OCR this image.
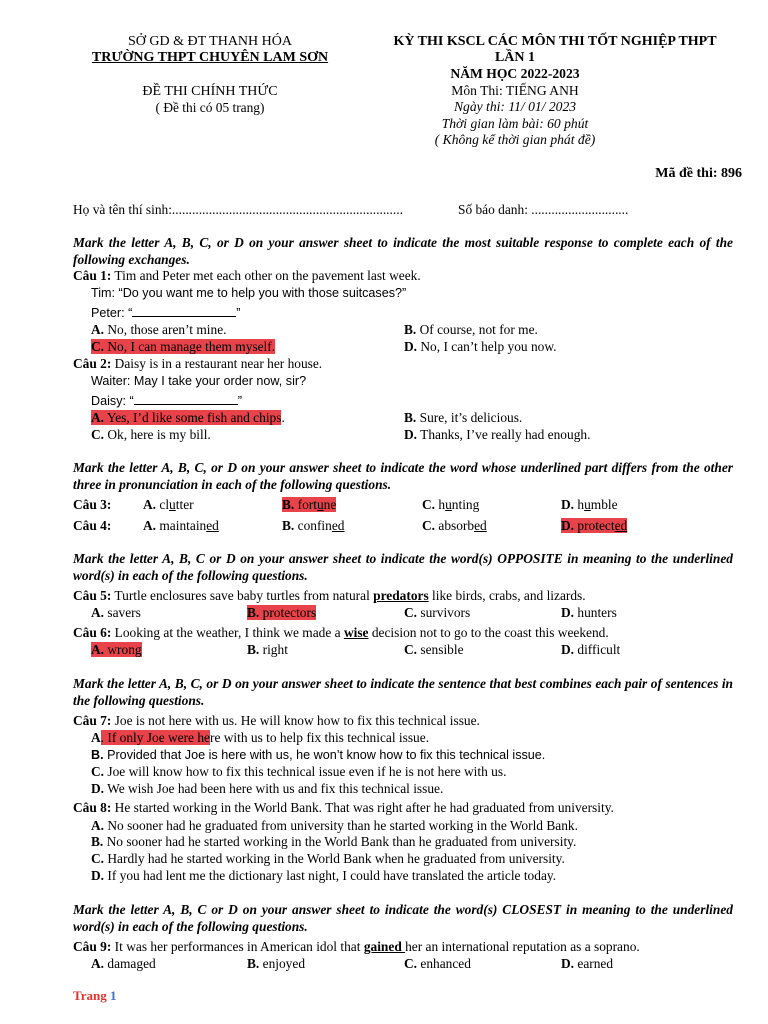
SỞ GD & ĐT THANH HÓA
TRƯỜNG THPT CHUYÊN LAM SƠN
ĐỀ THI CHÍNH THỨC
( Đề thi có 05 trang)
KỲ THI KSCL CÁC MÔN THI TỐT NGHIỆP THPT
LẦN 1
NĂM HỌC 2022-2023
Môn Thi: TIẾNG ANH
Ngày thi: 11/ 01/ 2023
Thời gian làm bài: 60 phút
( Không kể thời gian phát đề)
Mã đề thi: 896
Họ và tên thí sinh:.....................................................................	Số báo danh: .............................
Mark the letter A, B, C, or D on your answer sheet to indicate the most suitable response to complete each of the following exchanges.
Câu 1: Tim and Peter met each other on the pavement last week.
Tim: “Do you want me to help you with those suitcases?”
Peter: “	”
A. No, those aren’t mine.	B. Of course, not for me.
C. No, I can manage them myself.	D. No, I can’t help you now.
Câu 2: Daisy is in a restaurant near her house.
Waiter: May I take your order now, sir?
Daisy: “	”
A. Yes, I’d like some fish and chips.	B. Sure, it’s delicious.
C. Ok, here is my bill.	D. Thanks, I’ve really had enough.
Mark the letter A, B, C, or D on your answer sheet to indicate the word whose underlined part differs from the other three in pronunciation in each of the following questions.
Câu 3: A. clutter	B. fortune	C. hunting	D. humble
Câu 4: A. maintained	B. confined	C. absorbed	D. protected
Mark the letter A, B, C or D on your answer sheet to indicate the word(s) OPPOSITE in meaning to the underlined word(s) in each of the following questions.
Câu 5: Turtle enclosures save baby turtles from natural predators like birds, crabs, and lizards.
A. savers	B. protectors	C. survivors	D. hunters
Câu 6: Looking at the weather, I think we made a wise decision not to go to the coast this weekend.
A. wrong	B. right	C. sensible	D. difficult
Mark the letter A, B, C, or D on your answer sheet to indicate the sentence that best combines each pair of sentences in the following questions.
Câu 7: Joe is not here with us. He will know how to fix this technical issue.
A. If only Joe were here with us to help fix this technical issue.
B. Provided that Joe is here with us, he won’t know how to fix this technical issue.
C. Joe will know how to fix this technical issue even if he is not here with us.
D. We wish Joe had been here with us and fix this technical issue.
Câu 8: He started working in the World Bank. That was right after he had graduated from university.
A. No sooner had he graduated from university than he started working in the World Bank.
B. No sooner had he started working in the World Bank than he graduated from university.
C. Hardly had he started working in the World Bank when he graduated from university.
D. If you had lent me the dictionary last night, I could have translated the article today.
Mark the letter A, B, C or D on your answer sheet to indicate the word(s) CLOSEST in meaning to the underlined word(s) in each of the following questions.
Câu 9: It was her performances in American idol that gained her an international reputation as a soprano.
A. damaged	B. enjoyed	C. enhanced	D. earned
Trang 1
